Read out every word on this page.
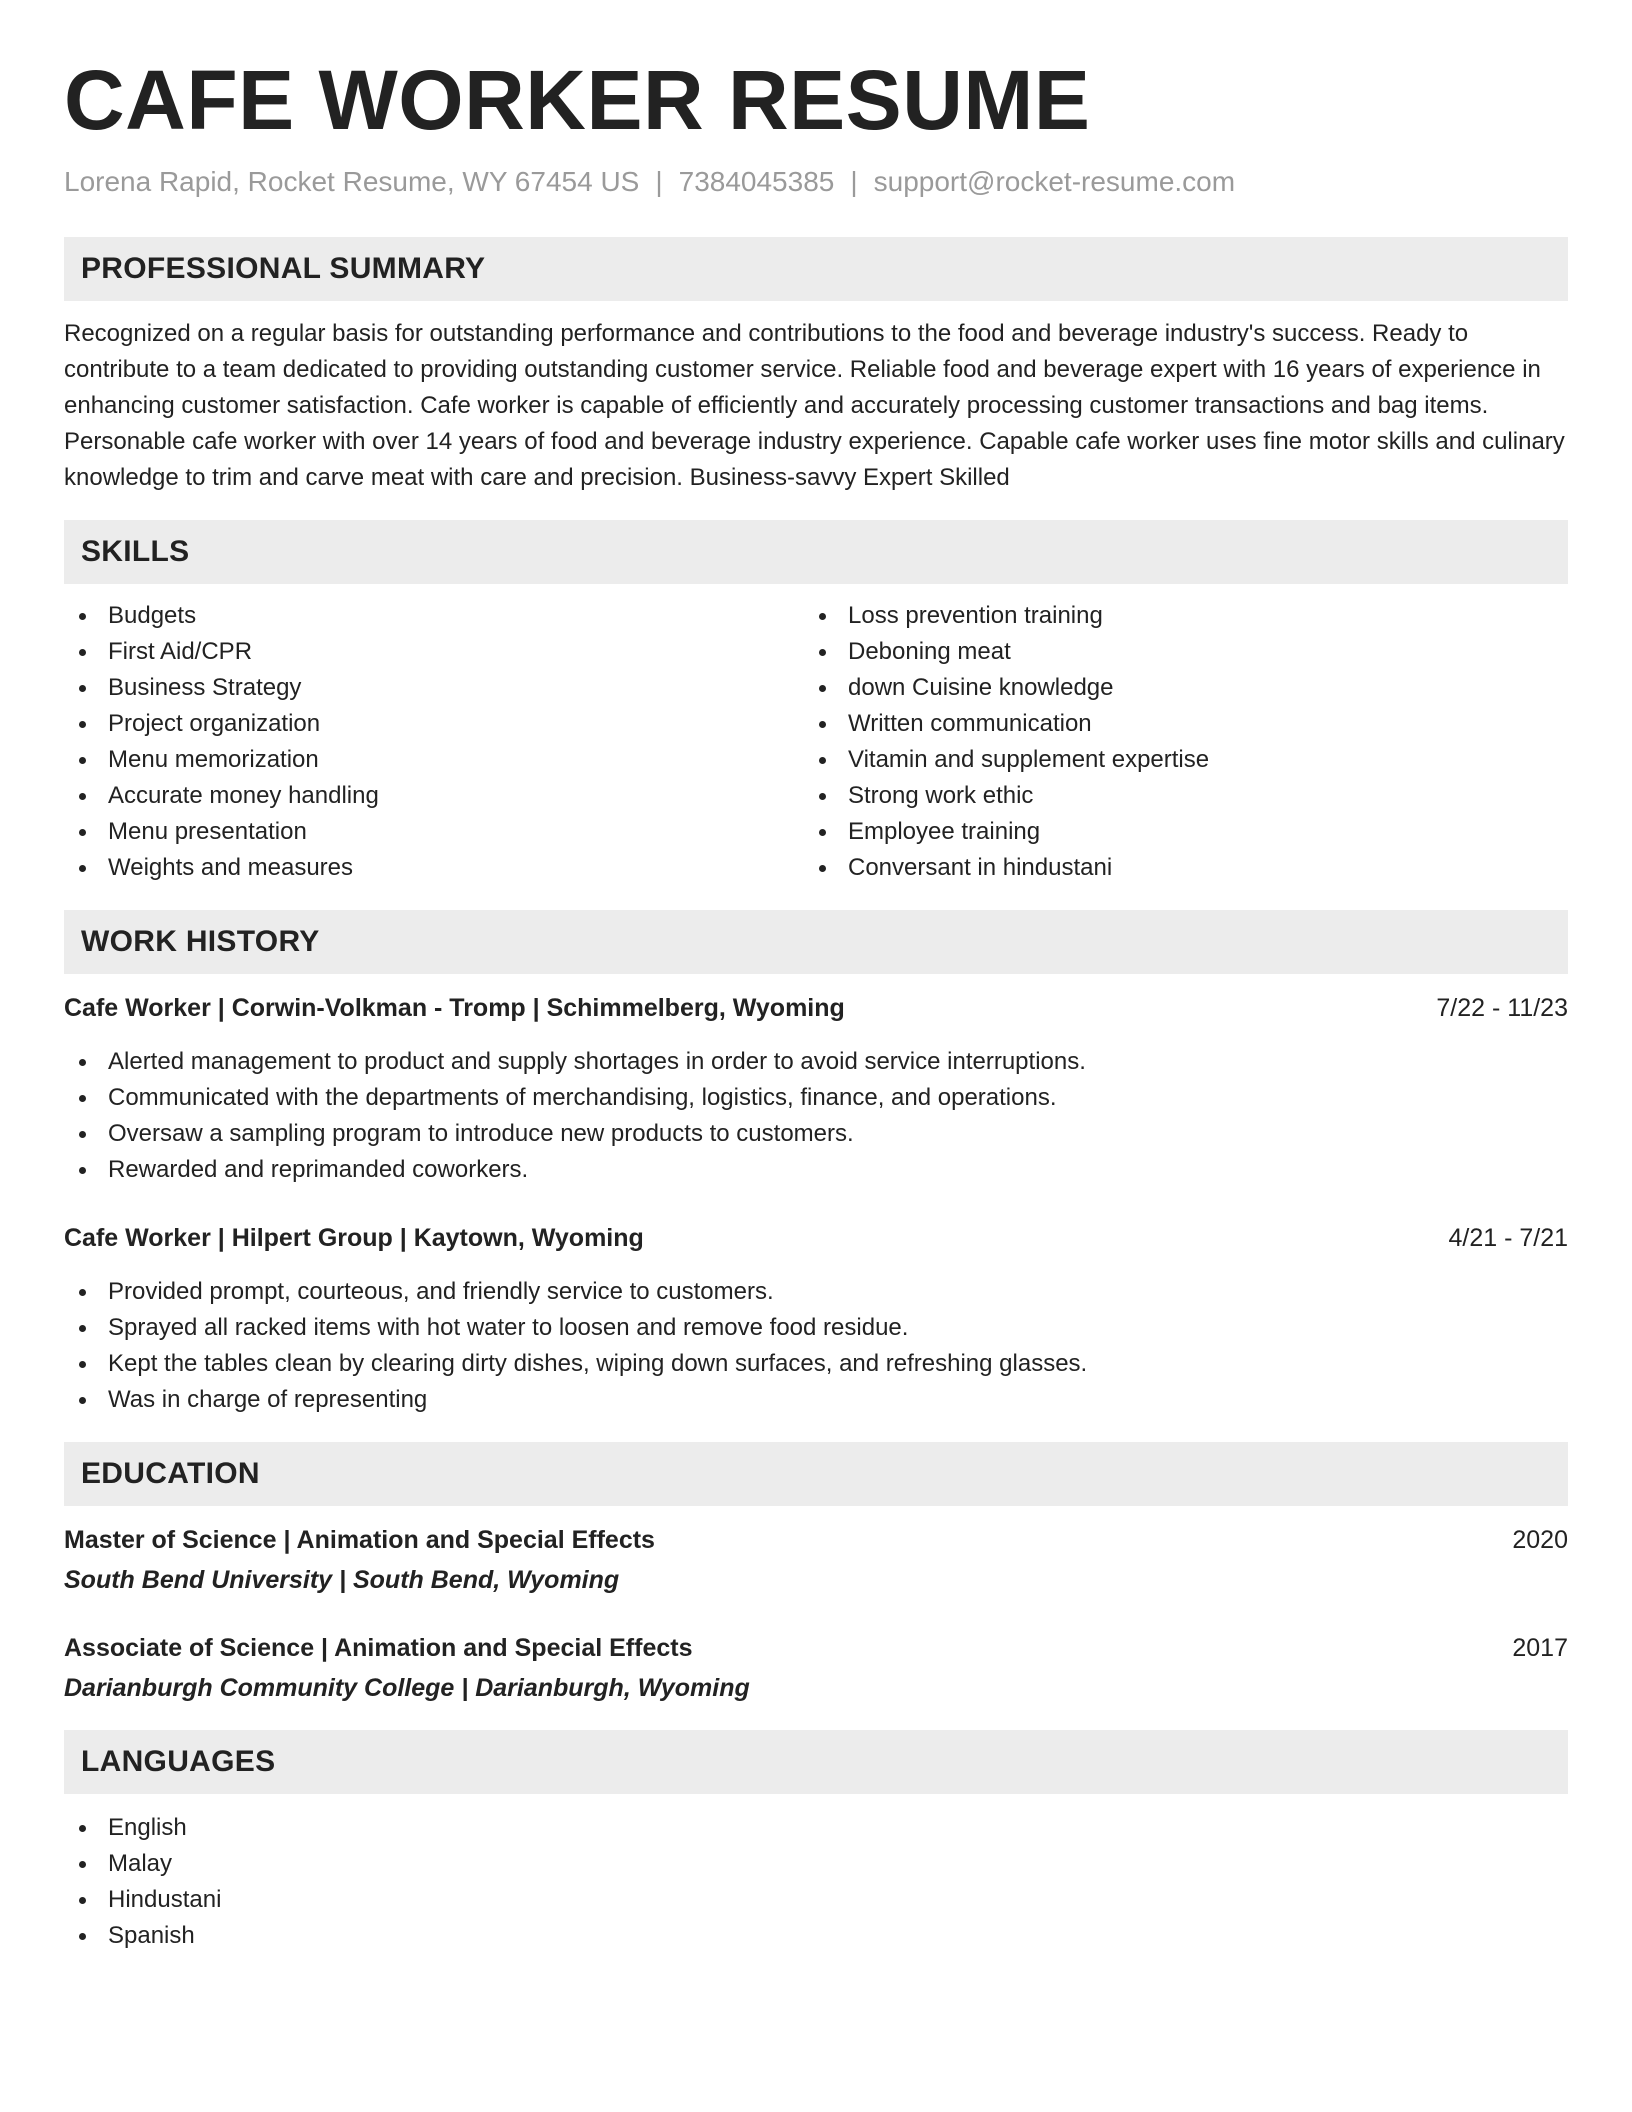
CAFE WORKER RESUME
Lorena Rapid, Rocket Resume, WY 67454 US | 7384045385 | support@rocket-resume.com
PROFESSIONAL SUMMARY

Recognized on a regular basis for outstanding performance and contributions to the food and beverage industry's success. Ready to contribute to a team dedicated to providing outstanding customer service. Reliable food and beverage expert with 16 years of experience in enhancing customer satisfaction. Cafe worker is capable of efficiently and accurately processing customer transactions and bag items. Personable cafe worker with over 14 years of food and beverage industry experience. Capable cafe worker uses fine motor skills and culinary knowledge to trim and carve meat with care and precision. Business-savvy Expert Skilled

SKILLS
Budgets
First Aid/CPR
Business Strategy
Project organization
Menu memorization
Accurate money handling
Menu presentation
Weights and measures
Loss prevention training
Deboning meat
down Cuisine knowledge
Written communication
Vitamin and supplement expertise
Strong work ethic
Employee training
Conversant in hindustani
WORK HISTORY
Cafe Worker | Corwin-Volkman - Tromp | Schimmelberg, Wyoming	7/22 - 11/23
Alerted management to product and supply shortages in order to avoid service interruptions.
Communicated with the departments of merchandising, logistics, finance, and operations.
Oversaw a sampling program to introduce new products to customers.
Rewarded and reprimanded coworkers.
Cafe Worker | Hilpert Group | Kaytown, Wyoming	4/21 - 7/21
Provided prompt, courteous, and friendly service to customers.
Sprayed all racked items with hot water to loosen and remove food residue.
Kept the tables clean by clearing dirty dishes, wiping down surfaces, and refreshing glasses.
Was in charge of representing
EDUCATION
Master of Science | Animation and Special Effects	2020
South Bend University | South Bend, Wyoming
Associate of Science | Animation and Special Effects	2017
Darianburgh Community College | Darianburgh, Wyoming
LANGUAGES
English
Malay
Hindustani
Spanish
